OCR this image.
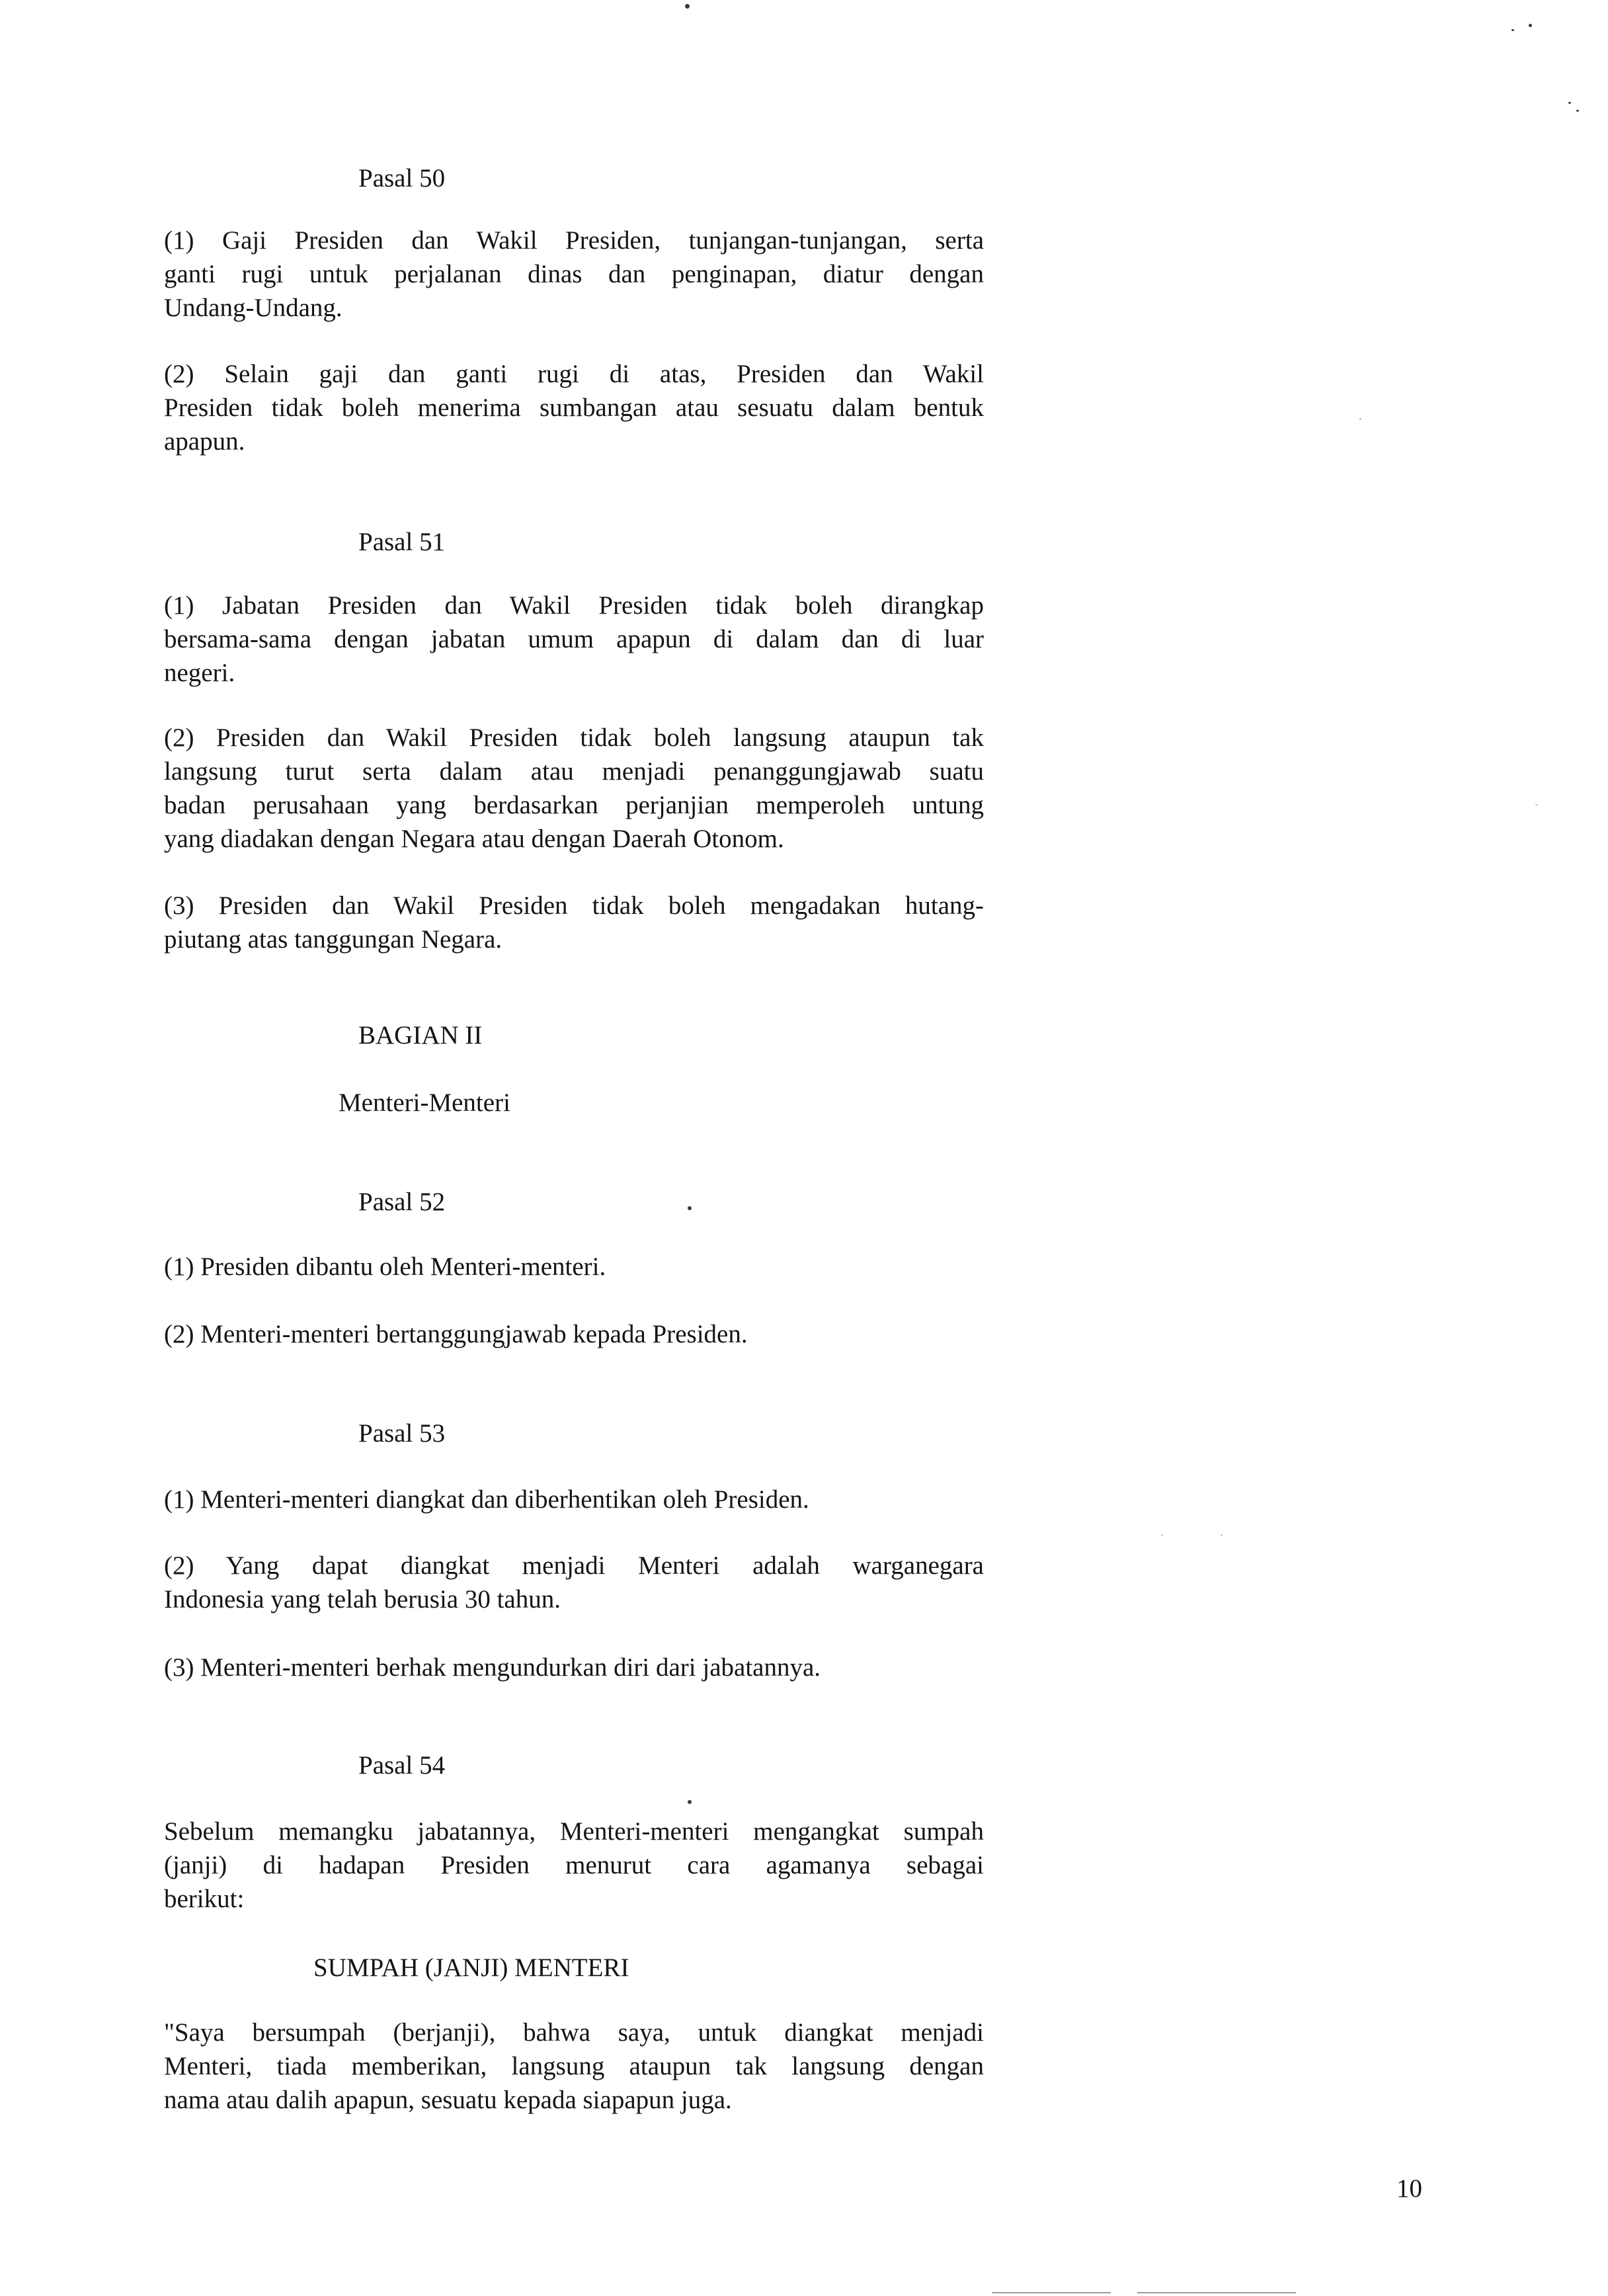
Pasal 50

(1) Gaji Presiden dan Wakil Presiden, tunjangan-tunjangan, serta
ganti rugi untuk perjalanan dinas dan penginapan, diatur dengan
Undang-Undang.

(2) Selain gaji dan ganti rugi di atas, Presiden dan Wakil
Presiden tidak boleh menerima sumbangan atau sesuatu dalam bentuk
apapun.

Pasal 51

(1) Jabatan Presiden dan Wakil Presiden tidak boleh dirangkap
bersama-sama dengan jabatan umum apapun di dalam dan di luar
negeri.

(2) Presiden dan Wakil Presiden tidak boleh langsung ataupun tak
langsung turut serta dalam atau menjadi penanggungjawab suatu
badan perusahaan yang berdasarkan perjanjian memperoleh untung
yang diadakan dengan Negara atau dengan Daerah Otonom.

(3) Presiden dan Wakil Presiden tidak boleh mengadakan hutang-
piutang atas tanggungan Negara.

BAGIAN II
Menteri-Menteri
Pasal 52

(1) Presiden dibantu oleh Menteri-menteri.

(2) Menteri-menteri bertanggungjawab kepada Presiden.

Pasal 53

(1) Menteri-menteri diangkat dan diberhentikan oleh Presiden.

(2) Yang dapat diangkat menjadi Menteri adalah warganegara
Indonesia yang telah berusia 30 tahun.

(3) Menteri-menteri berhak mengundurkan diri dari jabatannya.

Pasal 54

Sebelum memangku jabatannya, Menteri-menteri mengangkat sumpah
(janji) di hadapan Presiden menurut cara agamanya sebagai
berikut:

SUMPAH (JANJI) MENTERI

"Saya bersumpah (berjanji), bahwa saya, untuk diangkat menjadi
Menteri, tiada memberikan, langsung ataupun tak langsung dengan
nama atau dalih apapun, sesuatu kepada siapapun juga.

10
